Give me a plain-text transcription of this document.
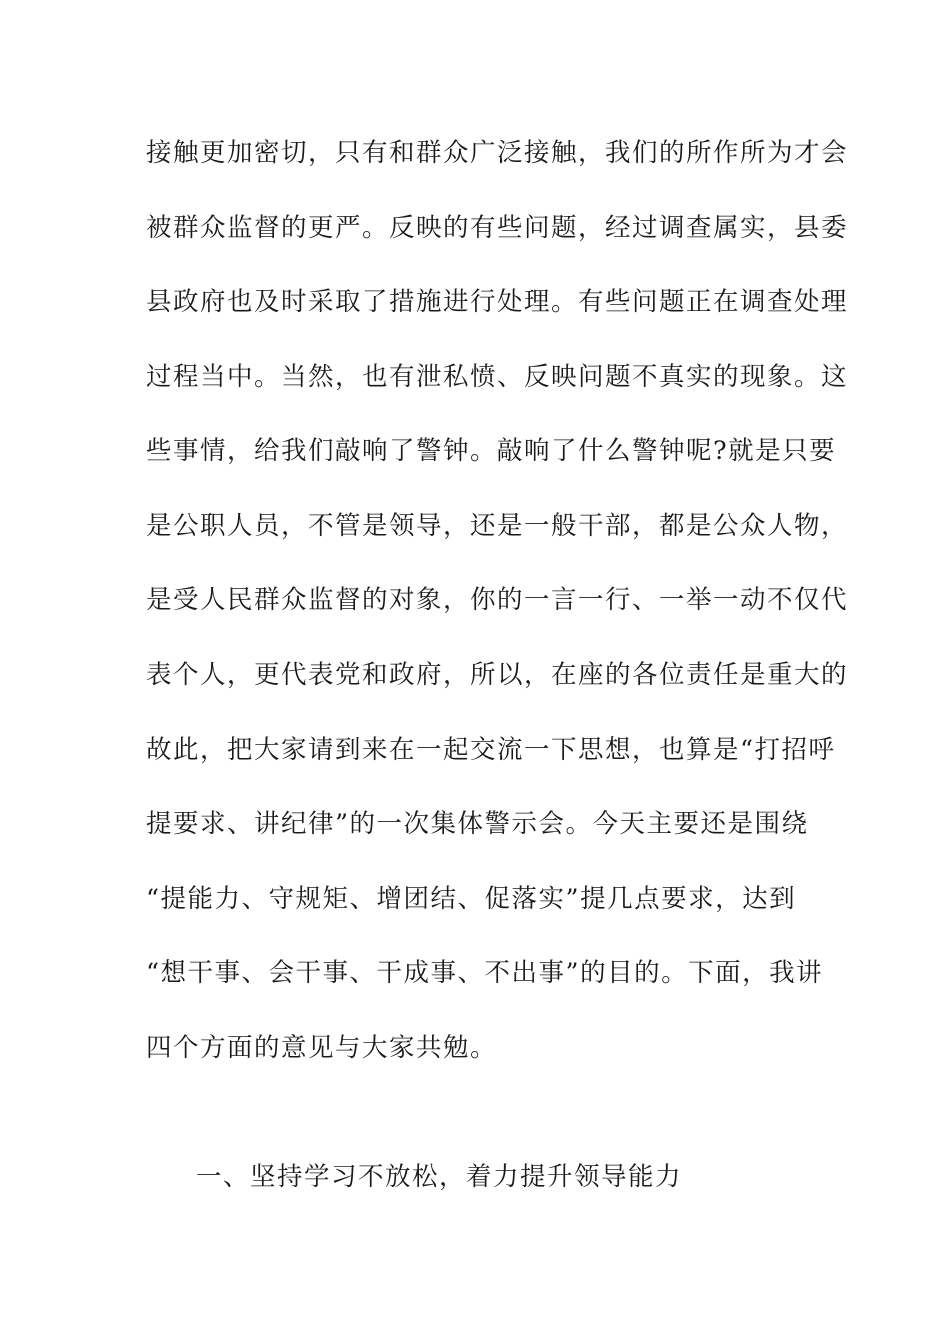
接触更加密切，只有和群众广泛接触，我们的所作所为才会

被群众监督的更严。反映的有些问题，经过调查属实，县委

县政府也及时采取了措施进行处理。有些问题正在调查处理

过程当中。当然，也有泄私愤、反映问题不真实的现象。这

些事情，给我们敲响了警钟。敲响了什么警钟呢?就是只要

是公职人员，不管是领导，还是一般干部，都是公众人物，

是受人民群众监督的对象，你的一言一行、一举一动不仅代

表个人，更代表党和政府，所以，在座的各位责任是重大的

故此，把大家请到来在一起交流一下思想，也算是“打招呼

提要求、讲纪律”的一次集体警示会。今天主要还是围绕

“提能力、守规矩、增团结、促落实”提几点要求，达到

“想干事、会干事、干成事、不出事”的目的。下面，我讲

四个方面的意见与大家共勉。

一、坚持学习不放松，着力提升领导能力
